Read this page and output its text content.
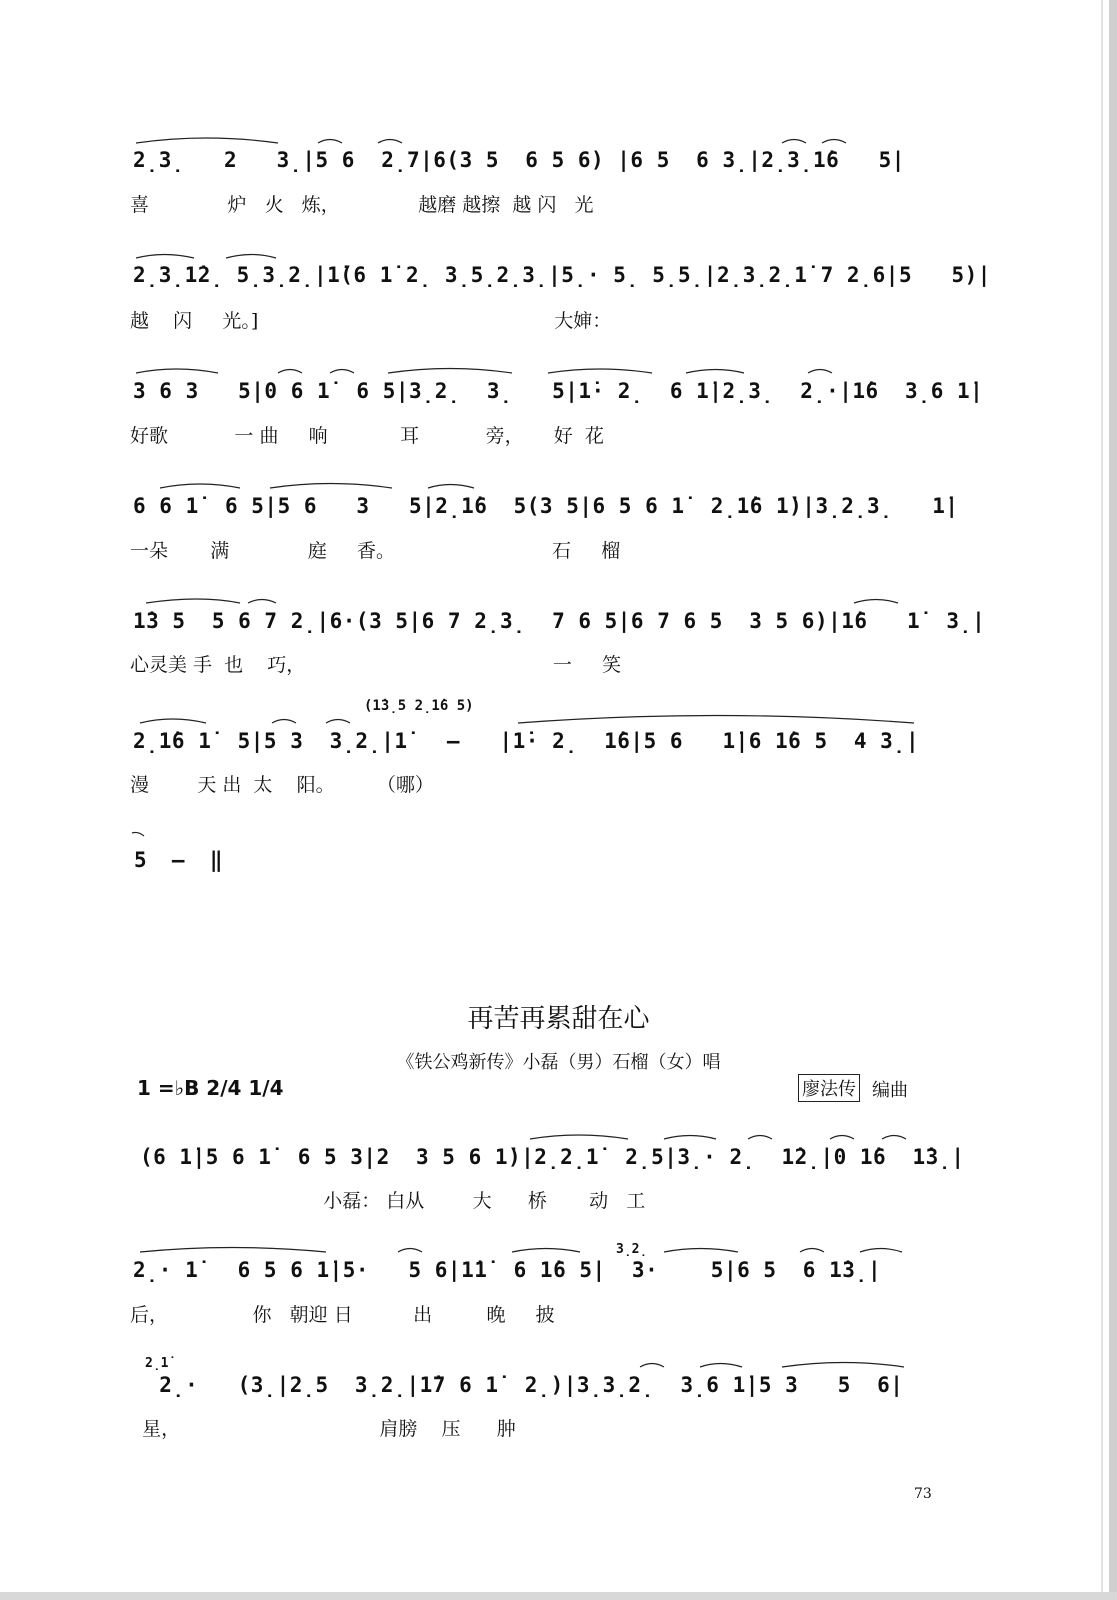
2̣3̣   2   3̣|5 6  2̣7|6(3 5  6 5 6) |6 5  6 3̣|2̣3̣1̇6   5|
喜             炉   火   炼，             越磨 越擦  越 闪   光
2̣3̣1̇2̣ 5̣3̣2̣|1̇(6 1̇ 2̣ 3̣5̣2̣3̣|5̣· 5̣ 5̣5̣|2̣3̣2̣1̇ 7 2̣6|5   5)|
越    闪     光。]                                                 大婶：
3 6 3   5|0 6 1̇  6 5|3̣2̣  3̣   5|1̇· 2̣  6 1̇|2̣3̣  2̣·|1̇6  3̣6 1̇|
好歌           一 曲     响            耳           旁，     好  花
6 6 1̇  6 5|5 6   3   5|2̣1̇6  5(3 5|6 5 6 1̇  2̣1̇6 1̇)|3̣2̣3̣   1̇|
一朵       满             庭     香。                          石     榴
1̇3 5  5 6 7 2̣|6·(3 5|6 7 2̣3̣  7 6 5|6 7 6 5  3 5 6)|1̇6   1̇  3̣|
心灵美 手  也    巧，                                         一     笑
(1̇3̣5 2̣1̇6 5)
2̣1̇6 1̇  5|5 3  3̣2̣|1̇   —   |1̇· 2̣  1̇6|5 6   1̇|6 1̇6 5  4 3̣|
漫        天 出  太    阳。       （哪）
5  —  ‖
再苦再累甜在心
《铁公鸡新传》小磊（男）石榴（女）唱
1 =♭B 2/4 1/4	廖法传 编曲
(6 1̇|5 6 1̇  6 5 3|2  3 5 6 1̇)|2̣2̣1̇  2̣5|3̣· 2̣  1̇2̣|0 1̇6  1̇3̣|
小磊： 白从        大      桥       动   工
3̣2̣
2̣· 1̇   6 5 6 1̇|5·   5 6|1̇1̇  6 1̇6 5|  3·    5|6 5  6 1̇3̣|
后，              你   朝迎 日          出         晚     披
2̣1̇
2̣·   (3̣|2̣5  3̣2̣|1̇7 6 1̇  2̣)|3̣3̣2̣  3̣6 1̇|5 3   5  6|
星，                                 肩膀    压      肿
73
